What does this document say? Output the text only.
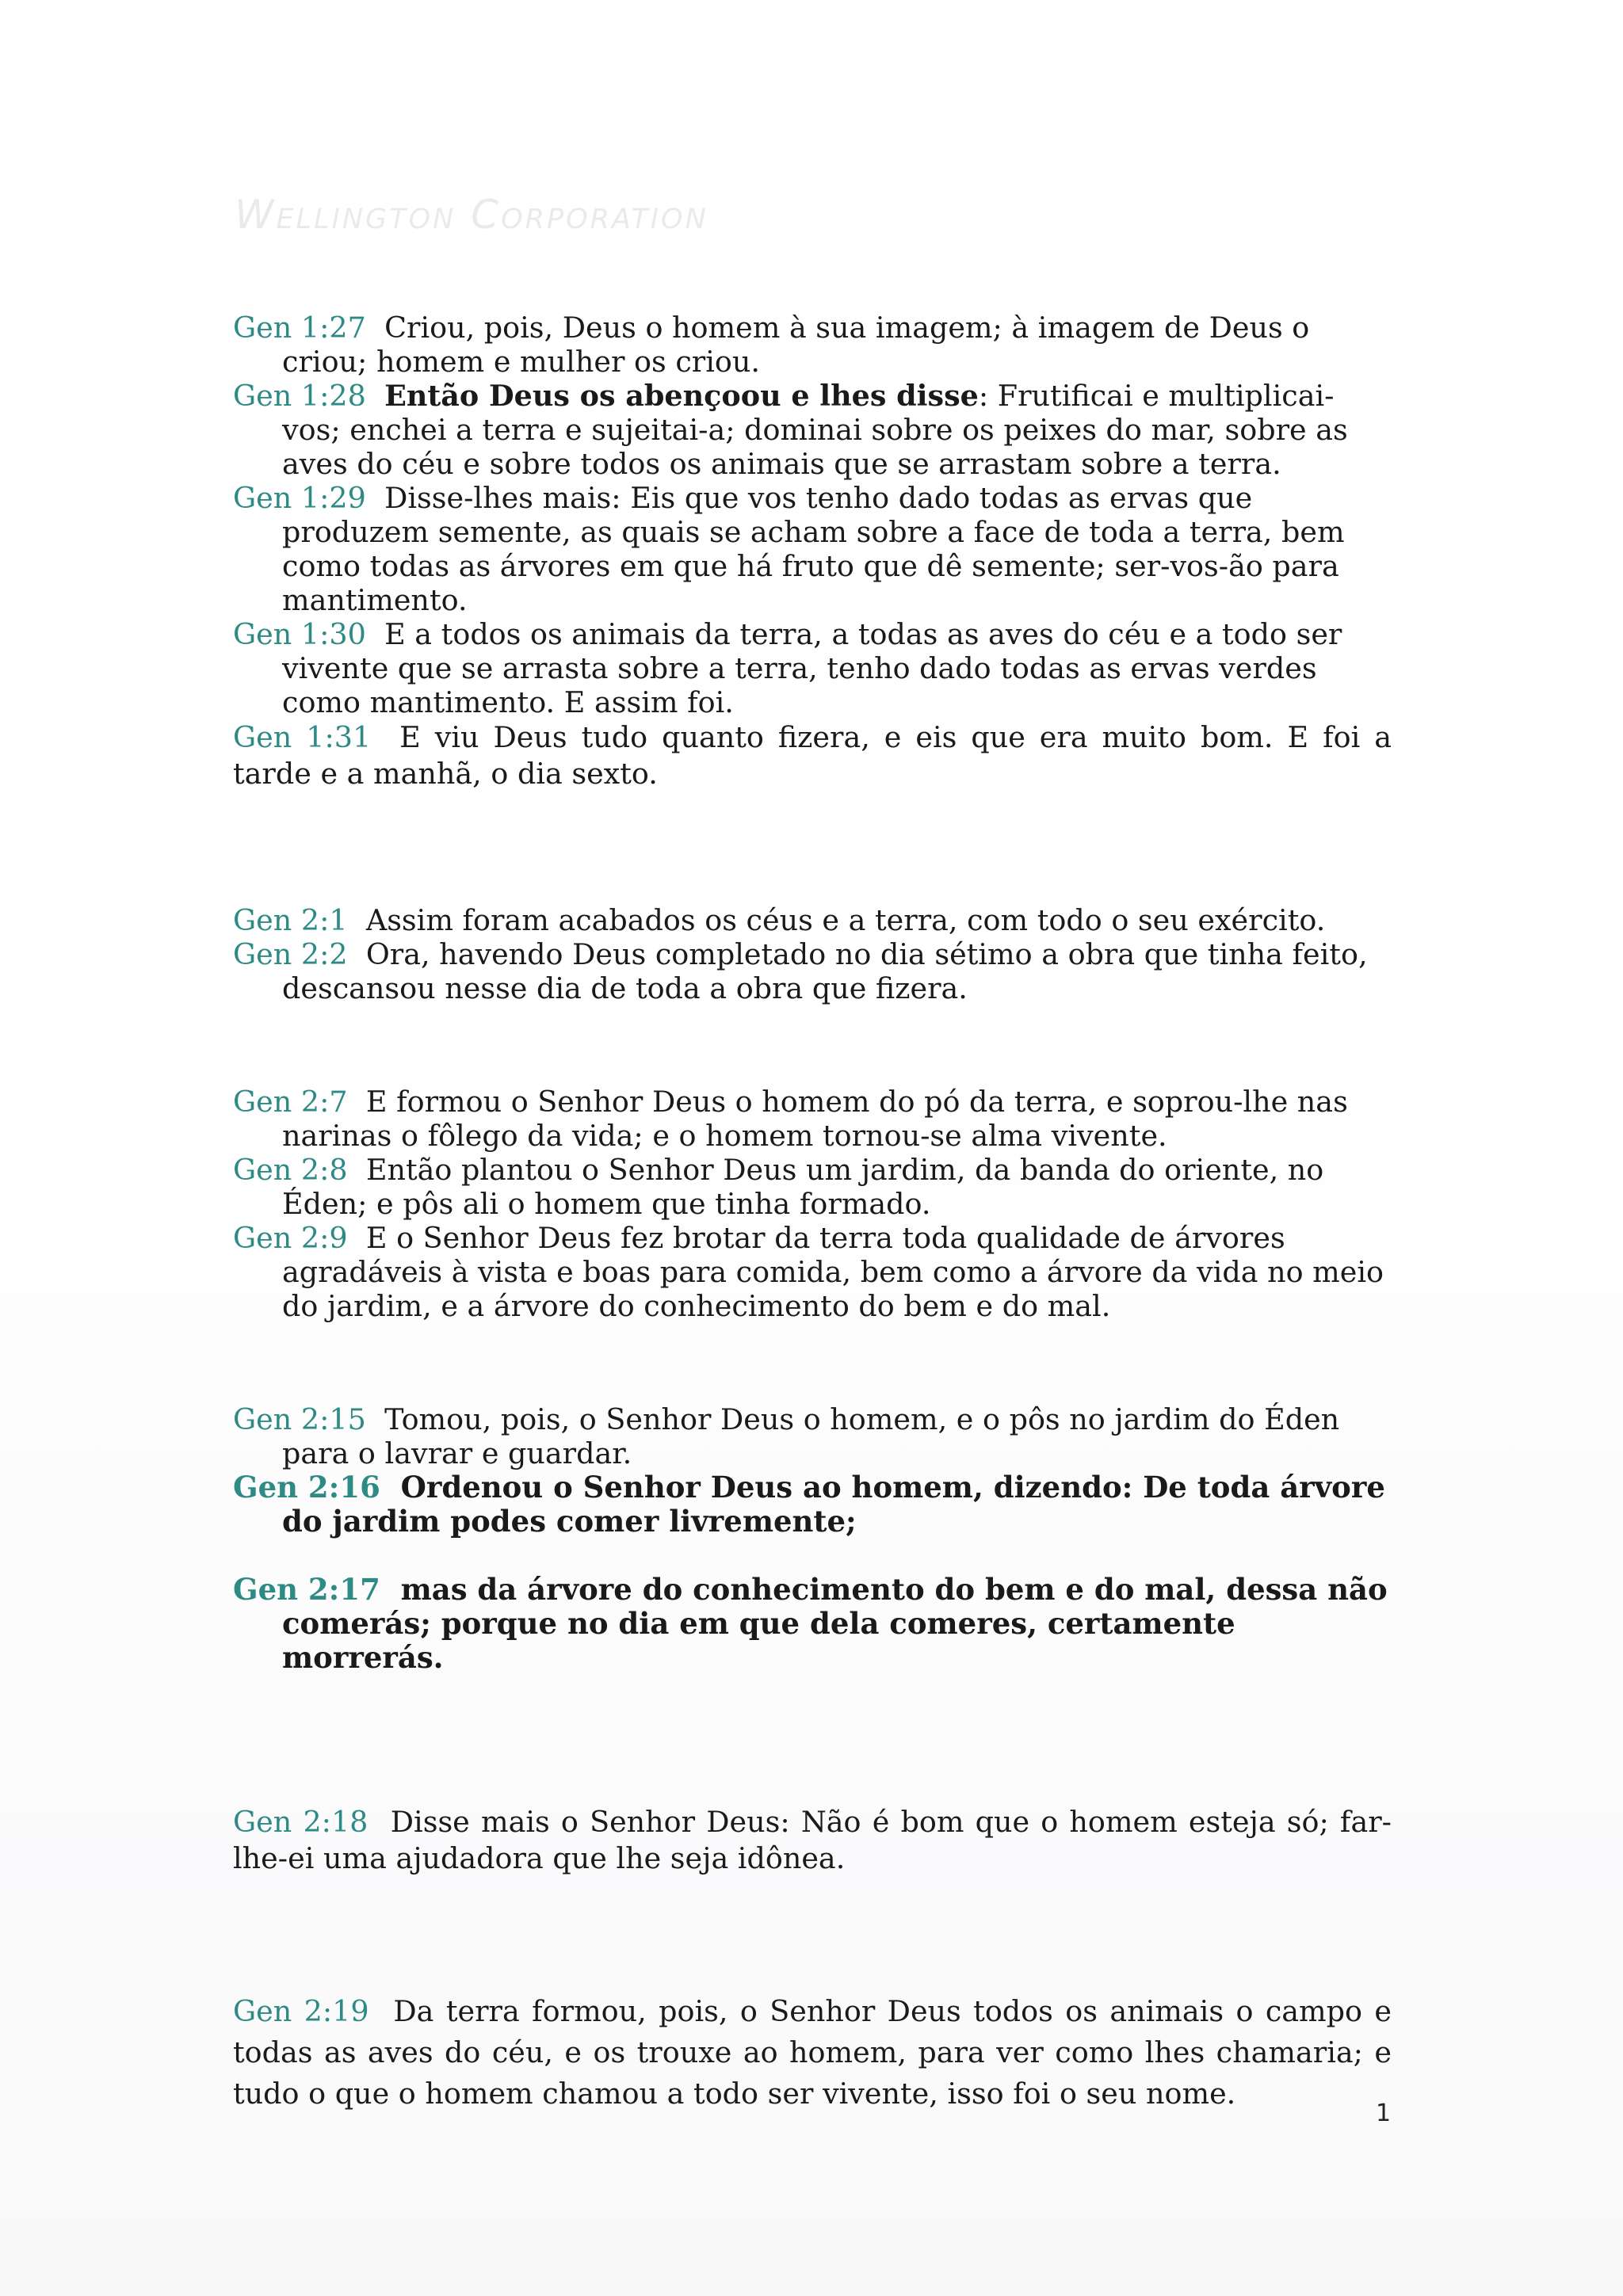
Wellington Corporation

Gen 1:27 Criou, pois, Deus o homem à sua imagem; à imagem de Deus o criou; homem e mulher os criou.

Gen 1:28 Então Deus os abençoou e lhes disse: Frutificai e multiplicai-vos; enchei a terra e sujeitai-a; dominai sobre os peixes do mar, sobre as aves do céu e sobre todos os animais que se arrastam sobre a terra.

Gen 1:29 Disse-lhes mais: Eis que vos tenho dado todas as ervas que produzem semente, as quais se acham sobre a face de toda a terra, bem como todas as árvores em que há fruto que dê semente; ser-vos-ão para mantimento.

Gen 1:30 E a todos os animais da terra, a todas as aves do céu e a todo ser vivente que se arrasta sobre a terra, tenho dado todas as ervas verdes como mantimento. E assim foi.

Gen 1:31 E viu Deus tudo quanto fizera, e eis que era muito bom. E foi a tarde e a manhã, o dia sexto.

Gen 2:1 Assim foram acabados os céus e a terra, com todo o seu exército.

Gen 2:2 Ora, havendo Deus completado no dia sétimo a obra que tinha feito, descansou nesse dia de toda a obra que fizera.

Gen 2:7 E formou o Senhor Deus o homem do pó da terra, e soprou-lhe nas narinas o fôlego da vida; e o homem tornou-se alma vivente.

Gen 2:8 Então plantou o Senhor Deus um jardim, da banda do oriente, no Éden; e pôs ali o homem que tinha formado.

Gen 2:9 E o Senhor Deus fez brotar da terra toda qualidade de árvores agradáveis à vista e boas para comida, bem como a árvore da vida no meio do jardim, e a árvore do conhecimento do bem e do mal.

Gen 2:15 Tomou, pois, o Senhor Deus o homem, e o pôs no jardim do Éden para o lavrar e guardar.

Gen 2:16 Ordenou o Senhor Deus ao homem, dizendo: De toda árvore do jardim podes comer livremente;

Gen 2:17 mas da árvore do conhecimento do bem e do mal, dessa não comerás; porque no dia em que dela comeres, certamente morrerás.

Gen 2:18 Disse mais o Senhor Deus: Não é bom que o homem esteja só; far-lhe-ei uma ajudadora que lhe seja idônea.

Gen 2:19 Da terra formou, pois, o Senhor Deus todos os animais o campo e todas as aves do céu, e os trouxe ao homem, para ver como lhes chamaria; e tudo o que o homem chamou a todo ser vivente, isso foi o seu nome.

1
